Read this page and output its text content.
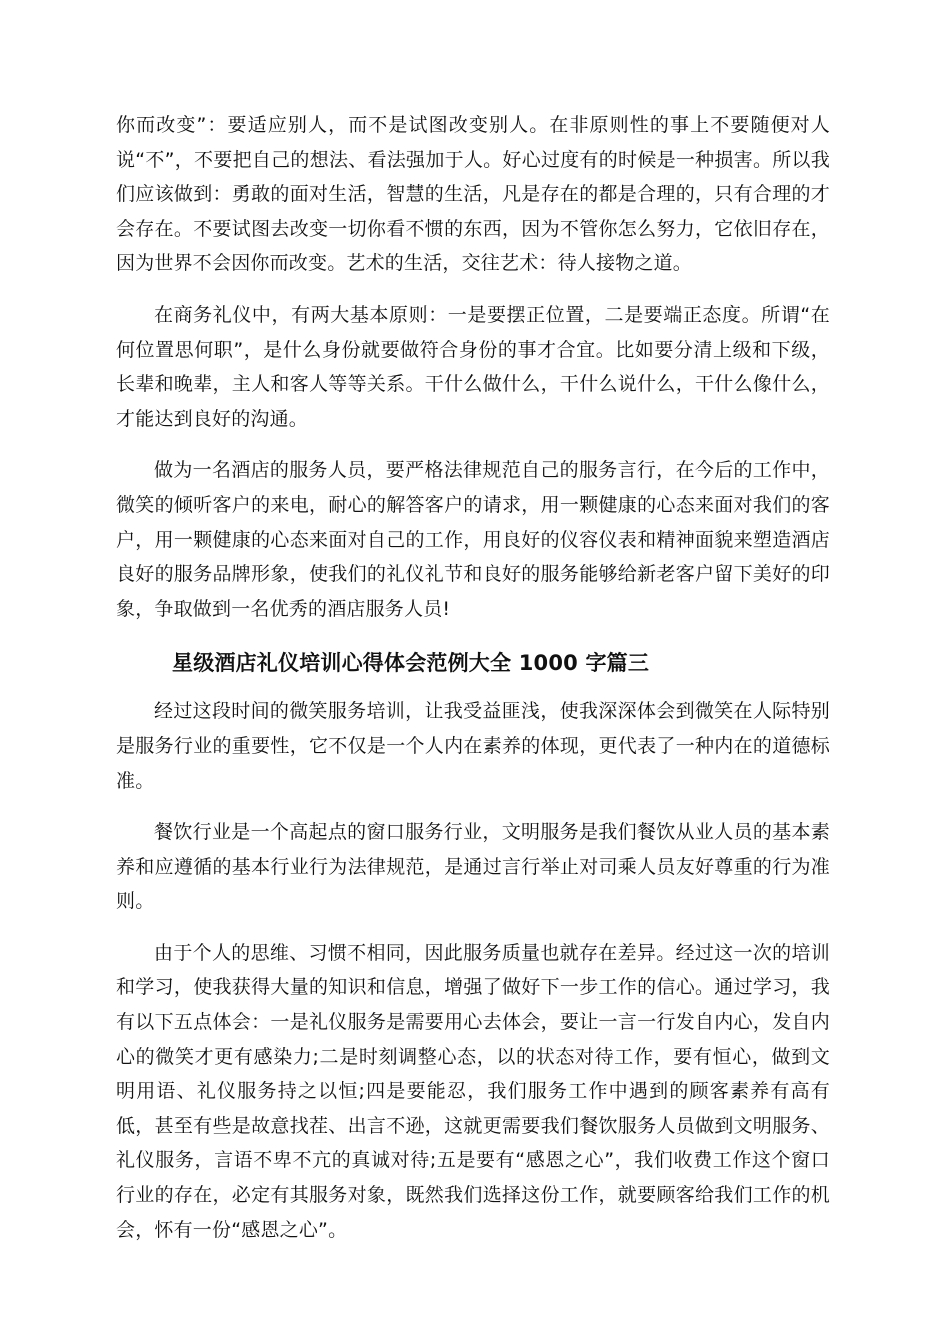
你而改变”：要适应别人，而不是试图改变别人。在非原则性的事上不要随便对人说“不”，不要把自己的想法、看法强加于人。好心过度有的时候是一种损害。所以我们应该做到：勇敢的面对生活，智慧的生活，凡是存在的都是合理的，只有合理的才会存在。不要试图去改变一切你看不惯的东西，因为不管你怎么努力，它依旧存在，因为世界不会因你而改变。艺术的生活，交往艺术：待人接物之道。

在商务礼仪中，有两大基本原则：一是要摆正位置，二是要端正态度。所谓“在何位置思何职”，是什么身份就要做符合身份的事才合宜。比如要分清上级和下级，长辈和晚辈，主人和客人等等关系。干什么做什么，干什么说什么，干什么像什么，才能达到良好的沟通。

做为一名酒店的服务人员，要严格法律规范自己的服务言行，在今后的工作中，微笑的倾听客户的来电，耐心的解答客户的请求，用一颗健康的心态来面对我们的客户，用一颗健康的心态来面对自己的工作，用良好的仪容仪表和精神面貌来塑造酒店良好的服务品牌形象，使我们的礼仪礼节和良好的服务能够给新老客户留下美好的印象，争取做到一名优秀的酒店服务人员!

星级酒店礼仪培训心得体会范例大全 1000 字篇三

经过这段时间的微笑服务培训，让我受益匪浅，使我深深体会到微笑在人际特别是服务行业的重要性，它不仅是一个人内在素养的体现，更代表了一种内在的道德标准。

餐饮行业是一个高起点的窗口服务行业，文明服务是我们餐饮从业人员的基本素养和应遵循的基本行业行为法律规范，是通过言行举止对司乘人员友好尊重的行为准则。

由于个人的思维、习惯不相同，因此服务质量也就存在差异。经过这一次的培训和学习，使我获得大量的知识和信息，增强了做好下一步工作的信心。通过学习，我有以下五点体会：一是礼仪服务是需要用心去体会，要让一言一行发自内心，发自内心的微笑才更有感染力;二是时刻调整心态，以的状态对待工作，要有恒心，做到文明用语、礼仪服务持之以恒;四是要能忍，我们服务工作中遇到的顾客素养有高有低，甚至有些是故意找茬、出言不逊，这就更需要我们餐饮服务人员做到文明服务、礼仪服务，言语不卑不亢的真诚对待;五是要有“感恩之心”，我们收费工作这个窗口行业的存在，必定有其服务对象，既然我们选择这份工作，就要顾客给我们工作的机会，怀有一份“感恩之心”。
